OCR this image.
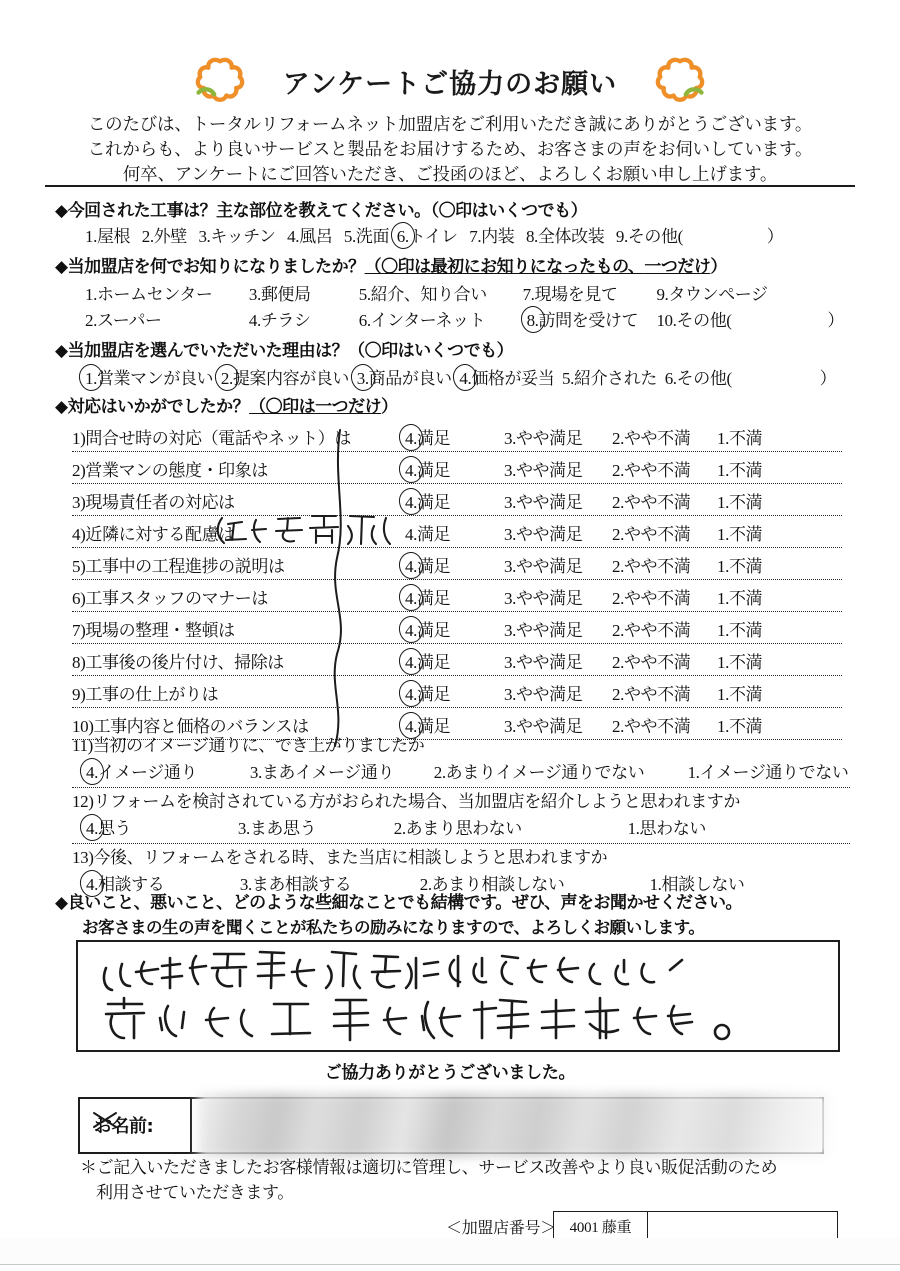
アンケートご協力のお願い
このたびは、トータルリフォームネット加盟店をご利用いただき誠にありがとうございます。
これからも、より良いサービスと製品をお届けするため、お客さまの声をお伺いしています。
何卒、アンケートにご回答いただき、ご投函のほど、よろしくお願い申し上げます。
◆今回された工事は？主な部位を教えてください。（〇印はいくつでも）
1.屋根 2.外壁 3.キッチン 4.風呂 5.洗面 6.トイレ 7.内装 8.全体改装 9.その他(	）
◆当加盟店を何でお知りになりましたか？（〇印は最初にお知りになったもの、一つだけ）
1.ホームセンター 3.郵便局	5.紹介、知り合い 7.現場を見て 9.タウンページ
2.スーパー	4.チラシ	6.インターネット 8.訪問を受けて 10.その他(	）
◆当加盟店を選んでいただいた理由は？（〇印はいくつでも）
1.営業マンが良い 2.提案内容が良い 3.商品が良い 4.価格が妥当 5.紹介された 6.その他(	）
◆対応はいかがでしたか？（〇印は一つだけ）
1)問合せ時の対応（電話やネット）は	4.満足	3.やや満足 2.やや不満 1.不満
2)営業マンの態度・印象は	4.満足	3.やや満足 2.やや不満 1.不満
3)現場責任者の対応は	4.満足	3.やや満足 2.やや不満 1.不満
4)近隣に対する配慮は	4.満足	3.やや満足 2.やや不満 1.不満
5)工事中の工程進捗の説明は	4.満足	3.やや満足 2.やや不満 1.不満
6)工事スタッフのマナーは	4.満足	3.やや満足 2.やや不満 1.不満
7)現場の整理・整頓は	4.満足	3.やや満足 2.やや不満 1.不満
8)工事後の後片付け、掃除は	4.満足	3.やや満足 2.やや不満 1.不満
9)工事の仕上がりは	4.満足	3.やや満足 2.やや不満 1.不満
10)工事内容と価格のバランスは	4.満足	3.やや満足 2.やや不満 1.不満
11)当初のイメージ通りに、でき上がりましたか
4.イメージ通り	3.まあイメージ通り 2.あまりイメージ通りでない	1.イメージ通りでない
12)リフォームを検討されている方がおられた場合、当加盟店を紹介しようと思われますか
4.思う	3.まあ思う	2.あまり思わない	1.思わない
13)今後、リフォームをされる時、また当店に相談しようと思われますか
4.相談する	3.まあ相談する	2.あまり相談しない	1.相談しない
◆良いこと、悪いこと、どのような些細なことでも結構です。ぜひ、声をお聞かせください。
お客さまの生の声を聞くことが私たちの励みになりますので、よろしくお願いします。
ご協力ありがとうございました。
お名前:
＊ご記入いただきましたお客様情報は適切に管理し、サービス改善やより良い販促活動のため
利用させていただきます。
＜加盟店番号＞ 4001 藤重
